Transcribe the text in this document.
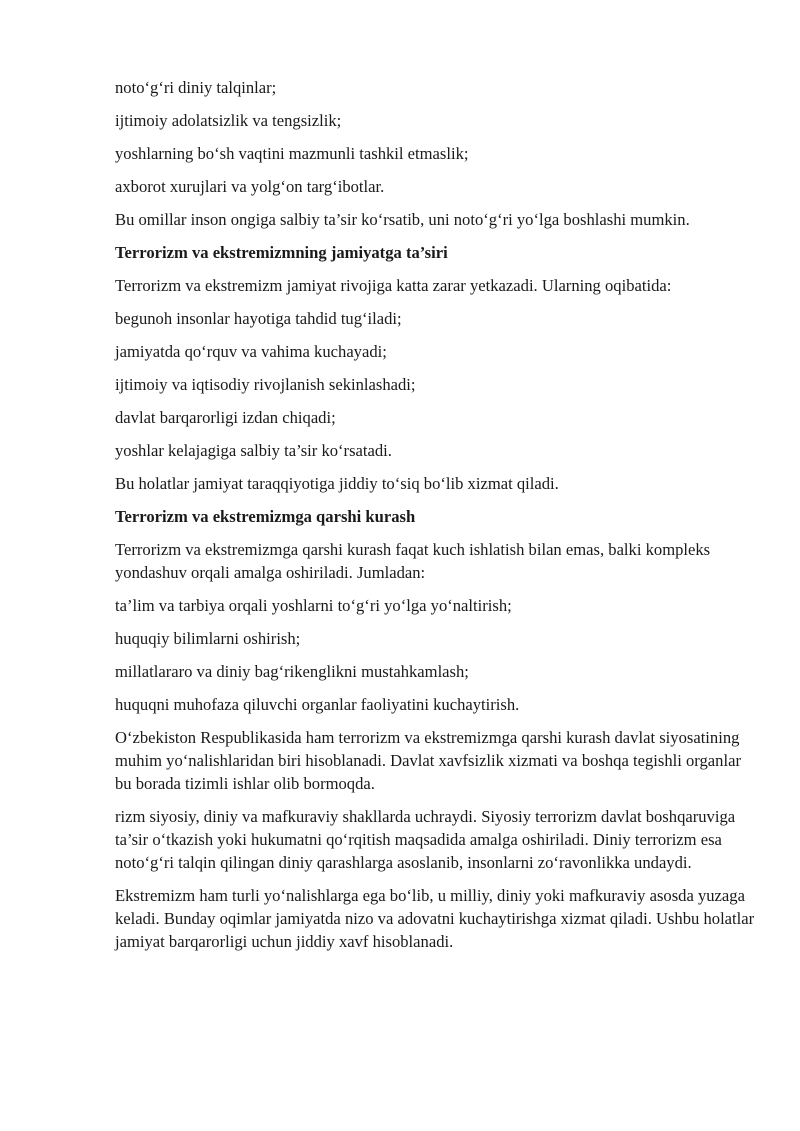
noto‘g‘ri diniy talqinlar;

ijtimoiy adolatsizlik va tengsizlik;

yoshlarning bo‘sh vaqtini mazmunli tashkil etmaslik;

axborot xurujlari va yolg‘on targ‘ibotlar.

Bu omillar inson ongiga salbiy ta’sir ko‘rsatib, uni noto‘g‘ri yo‘lga boshlashi mumkin.

Terrorizm va ekstremizmning jamiyatga ta’siri

Terrorizm va ekstremizm jamiyat rivojiga katta zarar yetkazadi. Ularning oqibatida:

begunoh insonlar hayotiga tahdid tug‘iladi;

jamiyatda qo‘rquv va vahima kuchayadi;

ijtimoiy va iqtisodiy rivojlanish sekinlashadi;

davlat barqarorligi izdan chiqadi;

yoshlar kelajagiga salbiy ta’sir ko‘rsatadi.

Bu holatlar jamiyat taraqqiyotiga jiddiy to‘siq bo‘lib xizmat qiladi.

Terrorizm va ekstremizmga qarshi kurash

Terrorizm va ekstremizmga qarshi kurash faqat kuch ishlatish bilan emas, balki kompleks yondashuv orqali amalga oshiriladi. Jumladan:

ta’lim va tarbiya orqali yoshlarni to‘g‘ri yo‘lga yo‘naltirish;

huquqiy bilimlarni oshirish;

millatlararo va diniy bag‘rikenglikni mustahkamlash;

huquqni muhofaza qiluvchi organlar faoliyatini kuchaytirish.

O‘zbekiston Respublikasida ham terrorizm va ekstremizmga qarshi kurash davlat siyosatining muhim yo‘nalishlaridan biri hisoblanadi. Davlat xavfsizlik xizmati va boshqa tegishli organlar bu borada tizimli ishlar olib bormoqda.

rizm siyosiy, diniy va mafkuraviy shakllarda uchraydi. Siyosiy terrorizm davlat boshqaruviga ta’sir o‘tkazish yoki hukumatni qo‘rqitish maqsadida amalga oshiriladi. Diniy terrorizm esa noto‘g‘ri talqin qilingan diniy qarashlarga asoslanib, insonlarni zo‘ravonlikka undaydi.

Ekstremizm ham turli yo‘nalishlarga ega bo‘lib, u milliy, diniy yoki mafkuraviy asosda yuzaga keladi. Bunday oqimlar jamiyatda nizo va adovatni kuchaytirishga xizmat qiladi. Ushbu holatlar jamiyat barqarorligi uchun jiddiy xavf hisoblanadi.
